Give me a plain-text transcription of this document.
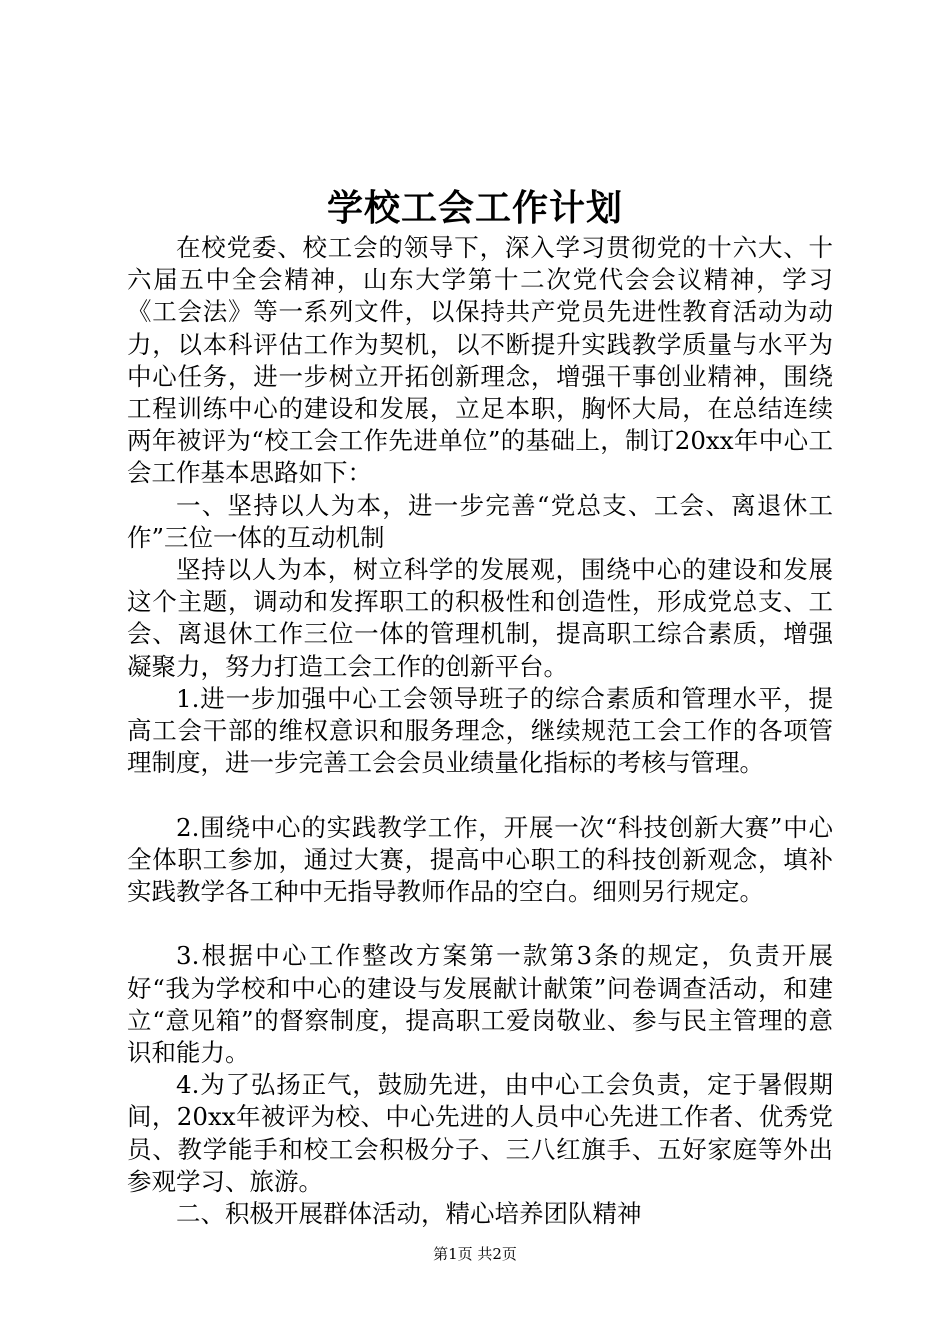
学校工会工作计划

在校党委、校工会的领导下，深入学习贯彻党的十六大、十六届五中全会精神，山东大学第十二次党代会会议精神，学习《工会法》等一系列文件，以保持共产党员先进性教育活动为动力，以本科评估工作为契机，以不断提升实践教学质量与水平为中心任务，进一步树立开拓创新理念，增强干事创业精神，围绕工程训练中心的建设和发展，立足本职，胸怀大局，在总结连续两年被评为“校工会工作先进单位”的基础上，制订20xx年中心工会工作基本思路如下：

一、坚持以人为本，进一步完善“党总支、工会、离退休工作”三位一体的互动机制

坚持以人为本，树立科学的发展观，围绕中心的建设和发展这个主题，调动和发挥职工的积极性和创造性，形成党总支、工会、离退休工作三位一体的管理机制，提高职工综合素质，增强凝聚力，努力打造工会工作的创新平台。

1.进一步加强中心工会领导班子的综合素质和管理水平，提高工会干部的维权意识和服务理念，继续规范工会工作的各项管理制度，进一步完善工会会员业绩量化指标的考核与管理。

2.围绕中心的实践教学工作，开展一次“科技创新大赛”中心全体职工参加，通过大赛，提高中心职工的科技创新观念，填补实践教学各工种中无指导教师作品的空白。细则另行规定。

3.根据中心工作整改方案第一款第3条的规定，负责开展好“我为学校和中心的建设与发展献计献策”问卷调查活动，和建立“意见箱”的督察制度，提高职工爱岗敬业、参与民主管理的意识和能力。

4.为了弘扬正气，鼓励先进，由中心工会负责，定于暑假期间，20xx年被评为校、中心先进的人员中心先进工作者、优秀党员、教学能手和校工会积极分子、三八红旗手、五好家庭等外出参观学习、旅游。

二、积极开展群体活动，精心培养团队精神

第1页 共2页
